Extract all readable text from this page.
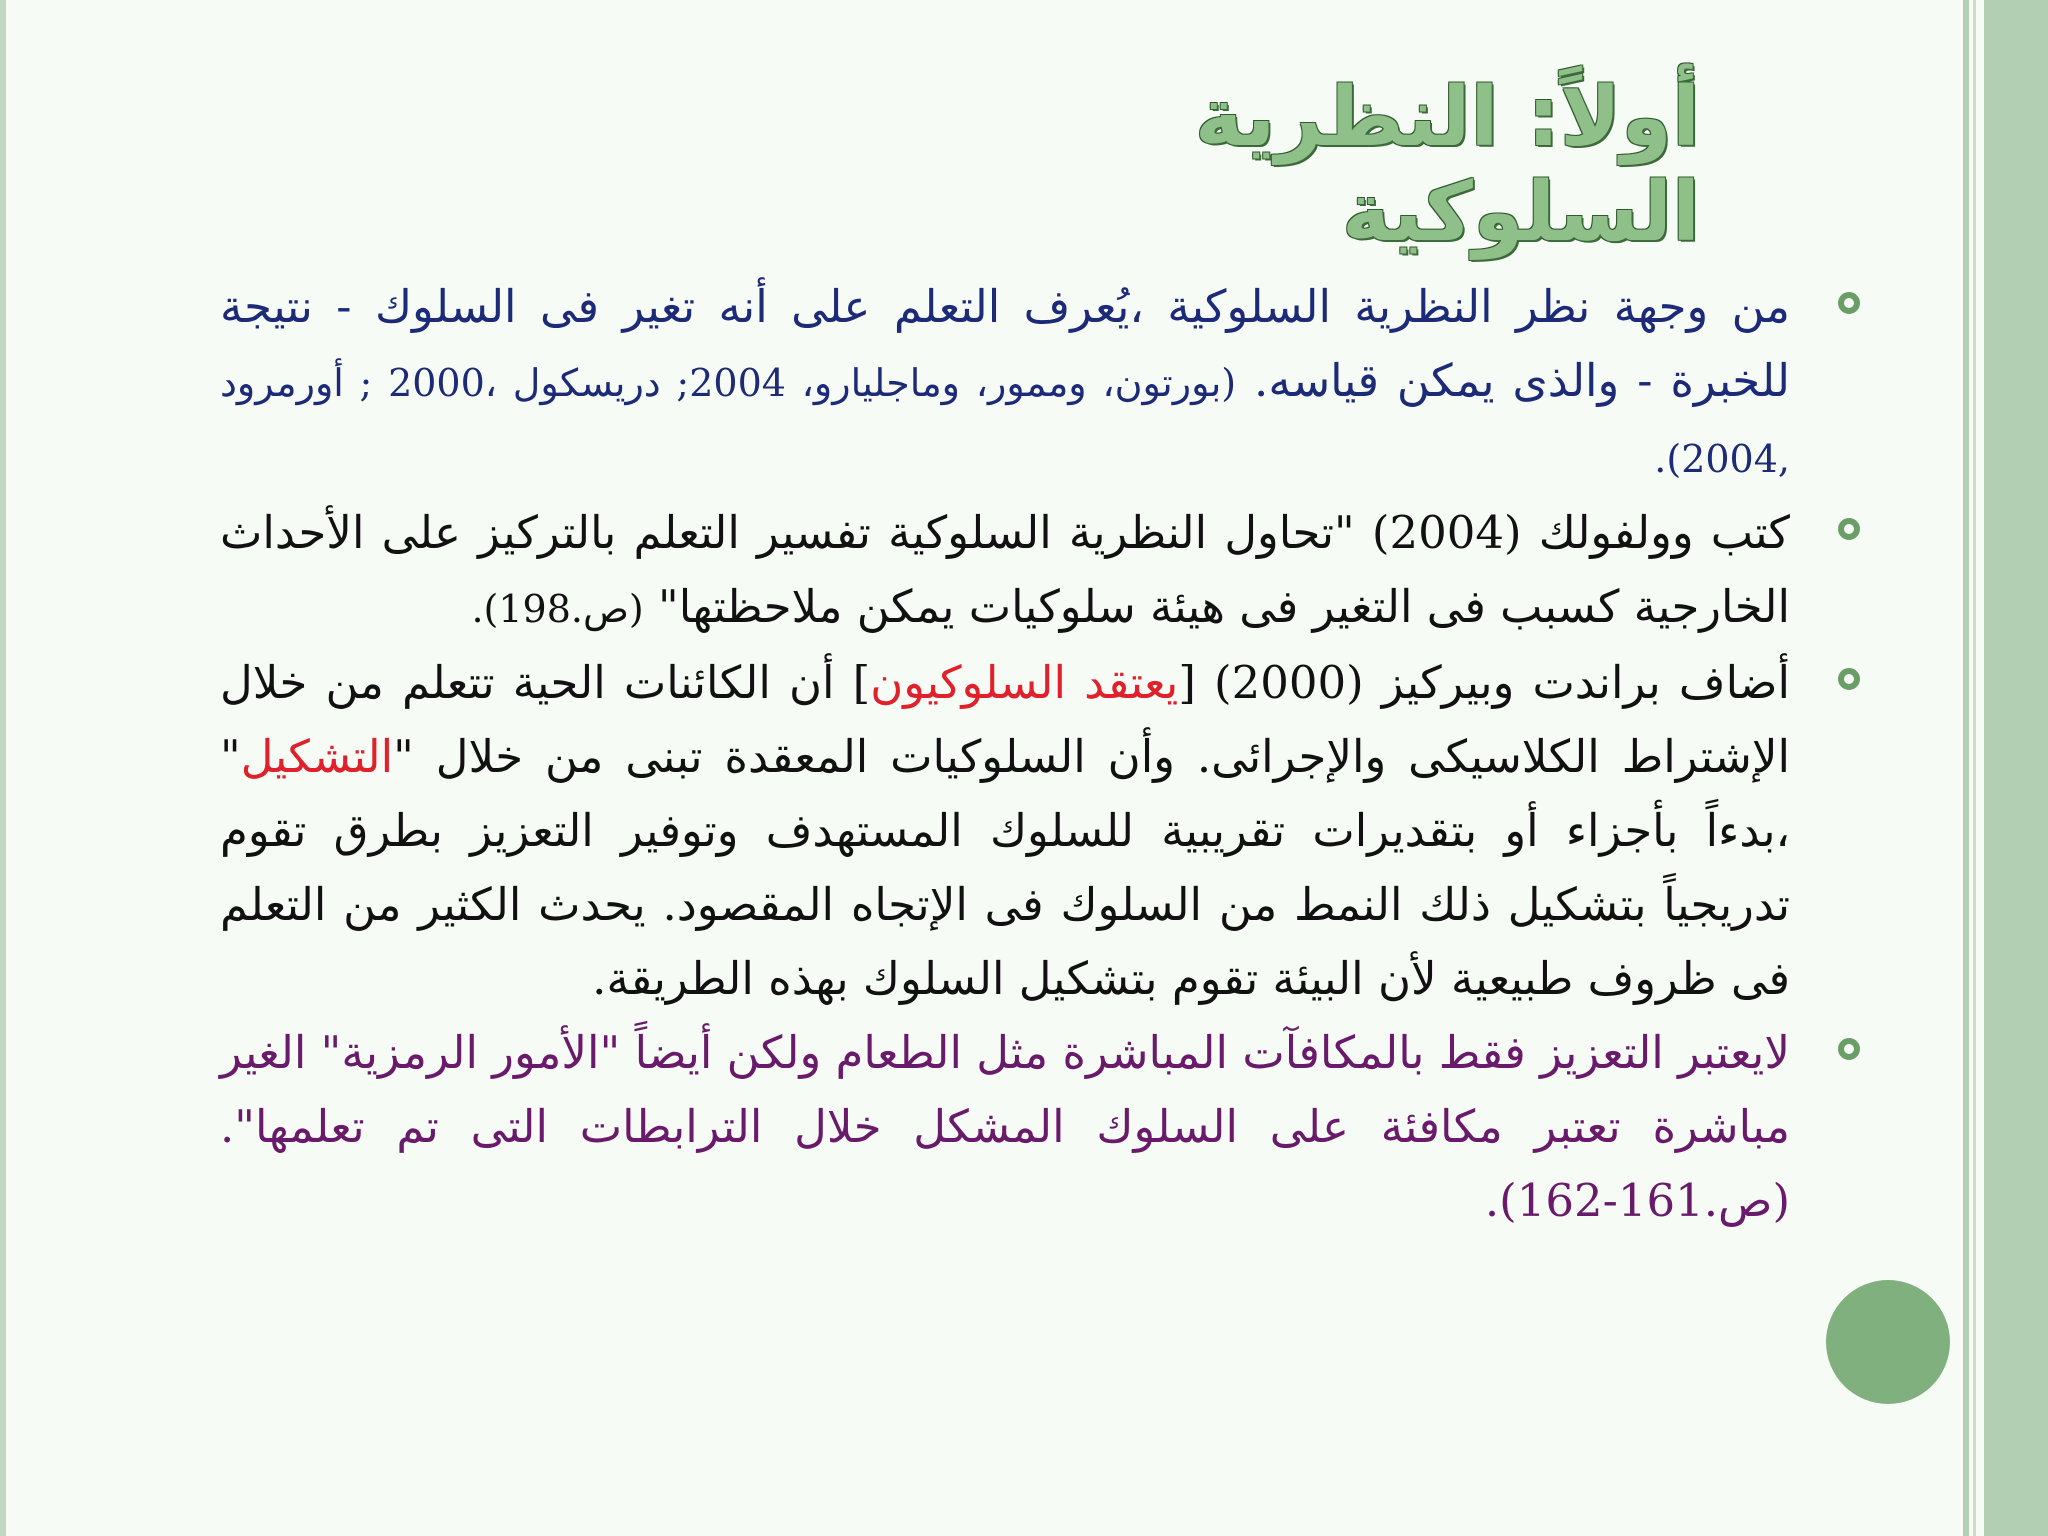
أولاً: النظرية السلوكية
من وجهة نظر النظرية السلوكية ،يُعرف التعلم على أنه تغير فى السلوك - نتيجة للخبرة - والذى يمكن قياسه. (بورتون، وممور، وماجليارو، 2004; دريسكول ،2000 ; أورمرود ,2004).
كتب وولفولك (2004) "تحاول النظرية السلوكية تفسير التعلم بالتركيز على الأحداث الخارجية كسبب فى التغير فى هيئة سلوكيات يمكن ملاحظتها" (ص.198).
أضاف براندت وبيركيز (2000) [يعتقد السلوكيون] أن الكائنات الحية تتعلم من خلال الإشتراط الكلاسيكى والإجرائى. وأن السلوكيات المعقدة تبنى من خلال "التشكيل" ،بدءاً بأجزاء أو بتقديرات تقريبية للسلوك المستهدف وتوفير التعزيز بطرق تقوم تدريجياً بتشكيل ذلك النمط من السلوك فى الإتجاه المقصود. يحدث الكثير من التعلم فى ظروف طبيعية لأن البيئة تقوم بتشكيل السلوك بهذه الطريقة.
لايعتبر التعزيز فقط بالمكافآت المباشرة مثل الطعام ولكن أيضاً "الأمور الرمزية" الغير مباشرة تعتبر مكافئة على السلوك المشكل خلال الترابطات التى تم تعلمها". (ص.161-162).
